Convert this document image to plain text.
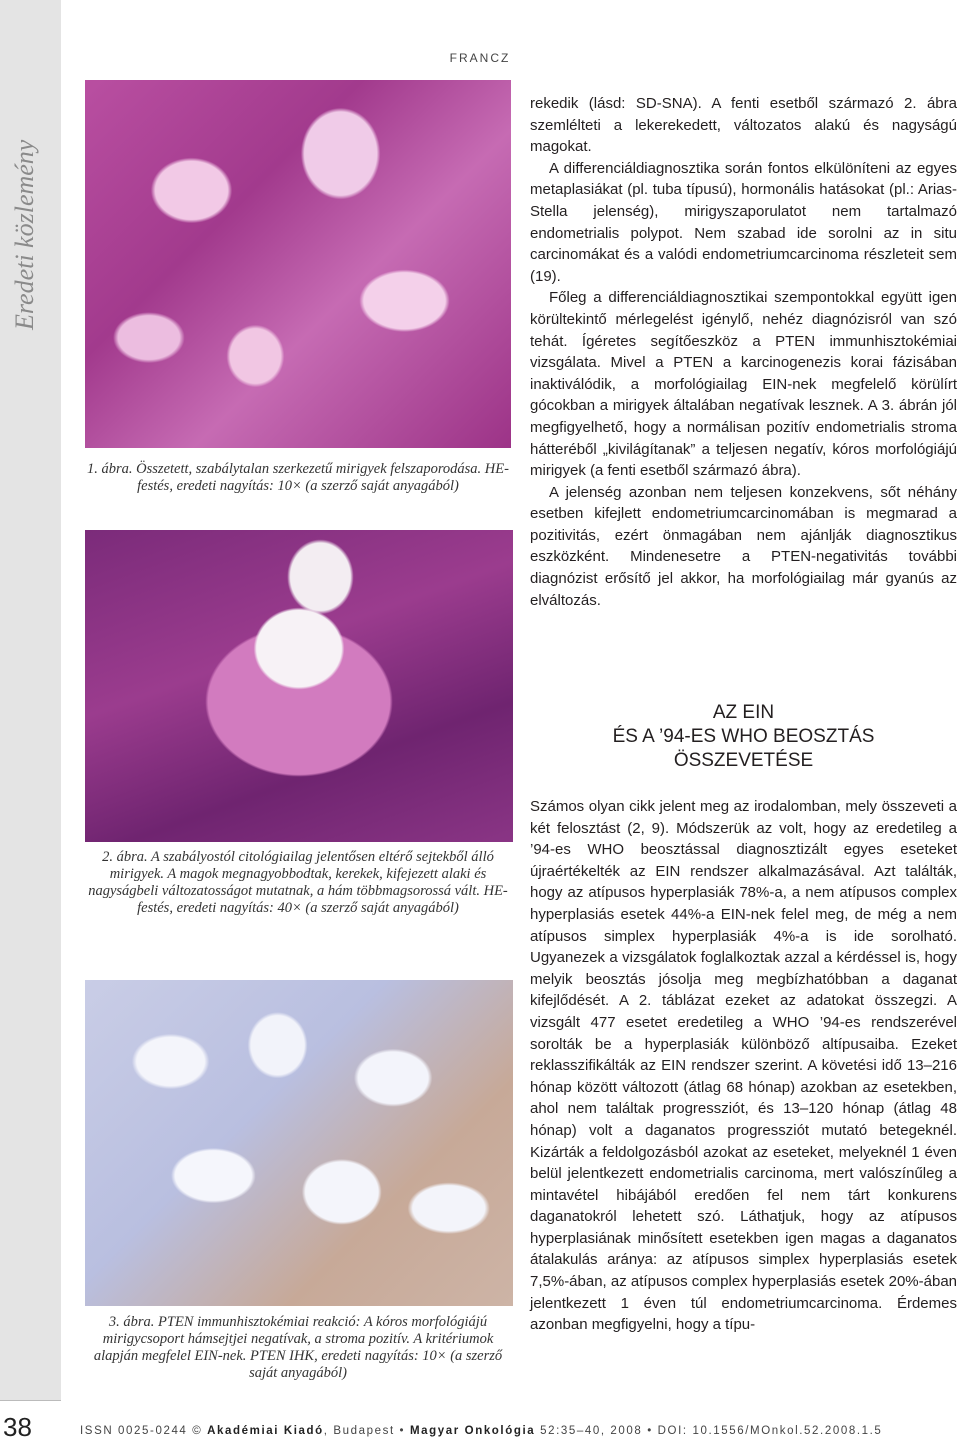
Eredeti közlemény
FRANCZ
1. ábra. Összetett, szabálytalan szerkezetű mirigyek felszaporodása. HE-festés, eredeti nagyítás: 10× (a szerző saját anyagából)
2. ábra. A szabályostól citológiailag jelentősen eltérő sejtekből álló mirigyek. A magok megnagyobbodtak, kerekek, kifejezett alaki és nagyságbeli változatosságot mutatnak, a hám többmagsorossá vált. HE-festés, eredeti nagyítás: 40× (a szerző saját anyagából)
3. ábra. PTEN immunhisztokémiai reakció: A kóros morfológiájú mirigycsoport hámsejtjei negatívak, a stroma pozitív. A kritériumok alapján megfelel EIN-nek. PTEN IHK, eredeti nagyítás: 10× (a szerző saját anyagából)

rekedik (lásd: SD-SNA). A fenti esetből származó 2. ábra szemlélteti a lekerekedett, változatos alakú és nagyságú magokat.

A differenciáldiagnosztika során fontos elkülöníteni az egyes metaplasiákat (pl. tuba típusú), hormonális hatásokat (pl.: Arias-Stella jelenség), mirigyszaporulatot nem tartalmazó endometrialis polypot. Nem szabad ide sorolni az in situ carcinomákat és a valódi endometriumcarcinoma részleteit sem (19).

Főleg a differenciáldiagnosztikai szempontokkal együtt igen körültekintő mérlegelést igénylő, nehéz diagnózisról van szó tehát. Ígéretes segítőeszköz a PTEN immunhisztokémiai vizsgálata. Mivel a PTEN a karcinogenezis korai fázisában inaktiválódik, a morfológiailag EIN-nek megfelelő körülírt gócokban a mirigyek általában negatívak lesznek. A 3. ábrán jól megfigyelhető, hogy a normálisan pozitív endometrialis stroma hátteréből „kivilágítanak” a teljesen negatív, kóros morfológiájú mirigyek (a fenti esetből származó ábra).

A jelenség azonban nem teljesen konzekvens, sőt néhány esetben kifejlett endometriumcarcinomában is megmarad a pozitivitás, ezért önmagában nem ajánlják diagnosztikus eszközként. Mindenesetre a PTEN-negativitás további diagnózist erősítő jel akkor, ha morfológiailag már gyanús az elváltozás.

AZ EIN
ÉS A ’94-ES WHO BEOSZTÁS
ÖSSZEVETÉSE

Számos olyan cikk jelent meg az irodalomban, mely összeveti a két felosztást (2, 9). Módszerük az volt, hogy az eredetileg a ’94-es WHO beosztással diagnosztizált egyes eseteket újraértékelték az EIN rendszer alkalmazásával. Azt találták, hogy az atípusos hyperplasiák 78%-a, a nem atípusos complex hyperplasiás esetek 44%-a EIN-nek felel meg, de még a nem atípusos simplex hyperplasiák 4%-a is ide sorolható. Ugyanezek a vizsgálatok foglalkoztak azzal a kérdéssel is, hogy melyik beosztás jósolja meg megbízhatóbban a daganat kifejlődését. A 2. táblázat ezeket az adatokat összegzi. A vizsgált 477 esetet eredetileg a WHO ’94-es rendszerével sorolták be a hyperplasiák különböző altípusaiba. Ezeket reklasszifikálták az EIN rendszer szerint. A követési idő 13–216 hónap között változott (átlag 68 hónap) azokban az esetekben, ahol nem találtak progressziót, és 13–120 hónap (átlag 48 hónap) volt a daganatos progressziót mutató betegeknél. Kizárták a feldolgozásból azokat az eseteket, melyeknél 1 éven belül jelentkezett endometrialis carcinoma, mert valószínűleg a mintavétel hibájából eredően fel nem tárt konkurens daganatokról lehetett szó. Láthatjuk, hogy az atípusos hyperplasiának minősített esetekben igen magas a daganatos átalakulás aránya: az atípusos simplex hyperplasiás esetek 7,5%-ában, az atípusos complex hyperplasiás esetek 20%-ában jelentkezett 1 éven túl endometriumcarcinoma. Érdemes azonban megfigyelni, hogy a típu-

38	ISSN 0025-0244 © Akadémiai Kiadó, Budapest • Magyar Onkológia 52:35–40, 2008 • DOI: 10.1556/MOnkol.52.2008.1.5
